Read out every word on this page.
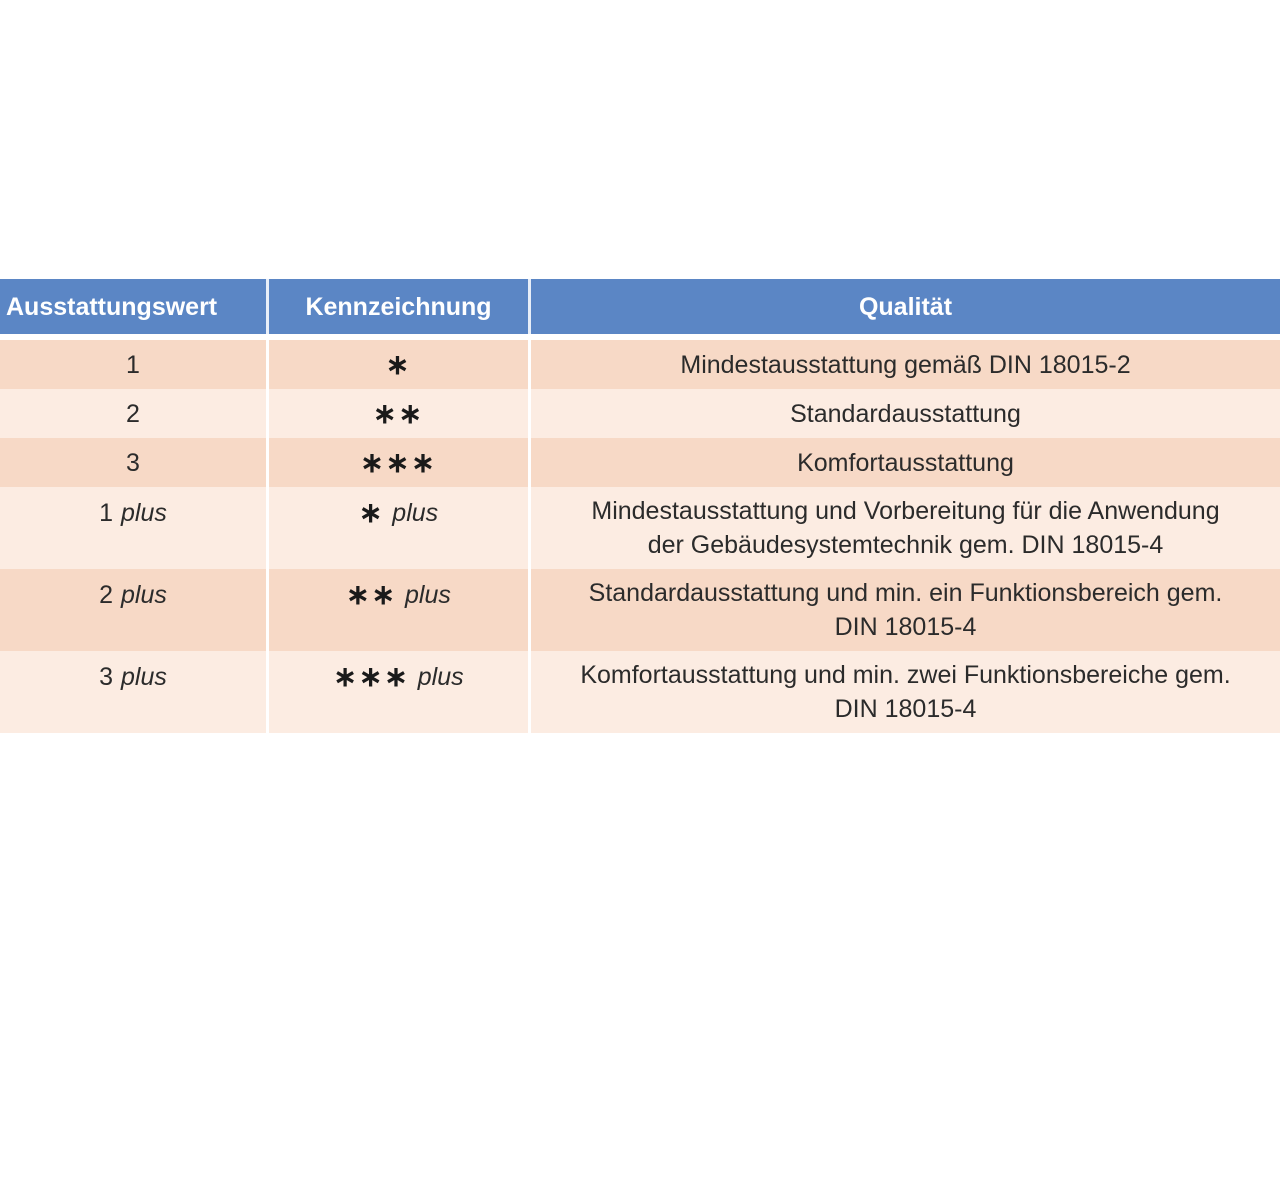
Ausstattungswert	Kennzeichnung	Qualität
1	∗	Mindestausstattung gemäß DIN 18015-2
2	∗∗	Standardausstattung
3	∗∗∗	Komfortausstattung
1 plus	∗ plus	Mindestausstattung und Vorbereitung für die Anwendung
der Gebäudesystemtechnik gem. DIN 18015-4
2 plus	∗∗ plus	Standardausstattung und min. ein Funktionsbereich gem.
DIN 18015-4
3 plus	∗∗∗ plus	Komfortausstattung und min. zwei Funktionsbereiche gem.
DIN 18015-4
